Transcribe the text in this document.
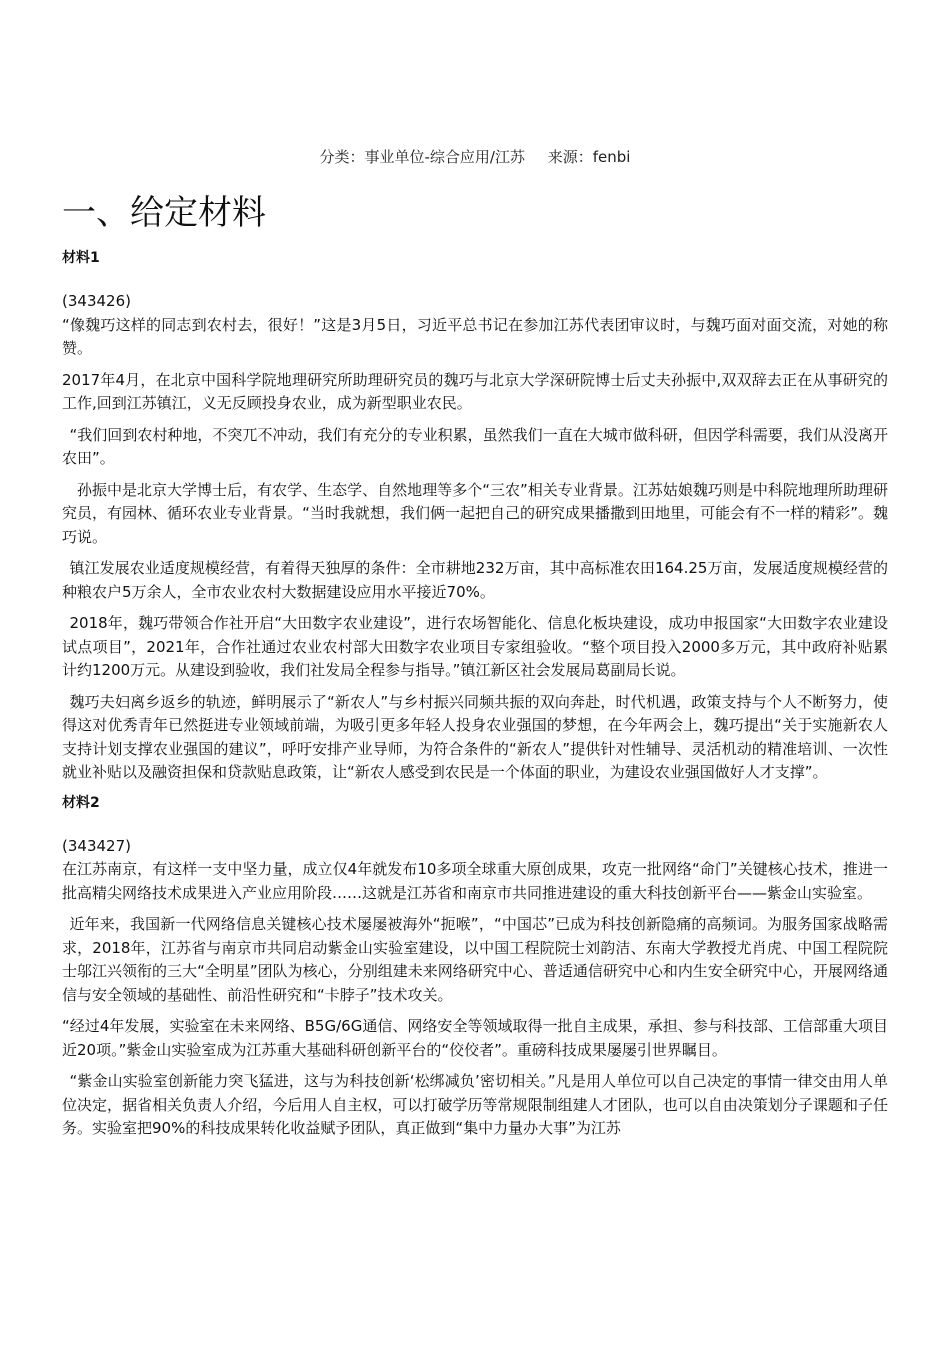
分类：事业单位-综合应用/江苏 来源：fenbi
一、给定材料
材料1
(343426)

“像魏巧这样的同志到农村去，很好！”这是3月5日，习近平总书记在参加江苏代表团审议时，与魏巧面对面交流，对她的称赞。

2017年4月，在北京中国科学院地理研究所助理研究员的魏巧与北京大学深研院博士后丈夫孙振中,双双辞去正在从事研究的工作,回到江苏镇江，义无反顾投身农业，成为新型职业农民。

“我们回到农村种地，不突兀不冲动，我们有充分的专业积累，虽然我们一直在大城市做科研，但因学科需要，我们从没离开农田”。

孙振中是北京大学博士后，有农学、生态学、自然地理等多个“三农”相关专业背景。江苏姑娘魏巧则是中科院地理所助理研究员，有园林、循环农业专业背景。“当时我就想，我们俩一起把自己的研究成果播撒到田地里，可能会有不一样的精彩”。魏巧说。

镇江发展农业适度规模经营，有着得天独厚的条件：全市耕地232万亩，其中高标准农田164.25万亩，发展适度规模经营的种粮农户5万余人，全市农业农村大数据建设应用水平接近70%。

2018年，魏巧带领合作社开启“大田数字农业建设”，进行农场智能化、信息化板块建设，成功申报国家“大田数字农业建设试点项目”，2021年，合作社通过农业农村部大田数字农业项目专家组验收。“整个项目投入2000多万元，其中政府补贴累计约1200万元。从建设到验收，我们社发局全程参与指导。”镇江新区社会发展局葛副局长说。

魏巧夫妇离乡返乡的轨迹，鲜明展示了“新农人”与乡村振兴同频共振的双向奔赴，时代机遇，政策支持与个人不断努力，使得这对优秀青年已然挺进专业领域前端，为吸引更多年轻人投身农业强国的梦想，在今年两会上，魏巧提出“关于实施新农人支持计划支撑农业强国的建议”，呼吁安排产业导师，为符合条件的“新农人”提供针对性辅导、灵活机动的精准培训、一次性就业补贴以及融资担保和贷款贴息政策，让“新农人感受到农民是一个体面的职业，为建设农业强国做好人才支撑”。

材料2
(343427)

在江苏南京，有这样一支中坚力量，成立仅4年就发布10多项全球重大原创成果，攻克一批网络“命门”关键核心技术，推进一批高精尖网络技术成果进入产业应用阶段……这就是江苏省和南京市共同推进建设的重大科技创新平台——紫金山实验室。

近年来，我国新一代网络信息关键核心技术屡屡被海外“扼喉”，“中国芯”已成为科技创新隐痛的高频词。为服务国家战略需求，2018年，江苏省与南京市共同启动紫金山实验室建设，以中国工程院院士刘韵洁、东南大学教授尤肖虎、中国工程院院士邬江兴领衔的三大“全明星”团队为核心，分别组建未来网络研究中心、普适通信研究中心和内生安全研究中心，开展网络通信与安全领域的基础性、前沿性研究和“卡脖子”技术攻关。

“经过4年发展，实验室在未来网络、B5G/6G通信、网络安全等领域取得一批自主成果，承担、参与科技部、工信部重大项目近20项。”紫金山实验室成为江苏重大基础科研创新平台的“佼佼者”。重磅科技成果屡屡引世界瞩目。

“紫金山实验室创新能力突飞猛进，这与为科技创新‘松绑减负’密切相关。”凡是用人单位可以自己决定的事情一律交由用人单位决定，据省相关负责人介绍，今后用人自主权，可以打破学历等常规限制组建人才团队，也可以自由决策划分子课题和子任务。实验室把90%的科技成果转化收益赋予团队，真正做到“集中力量办大事”为江苏
